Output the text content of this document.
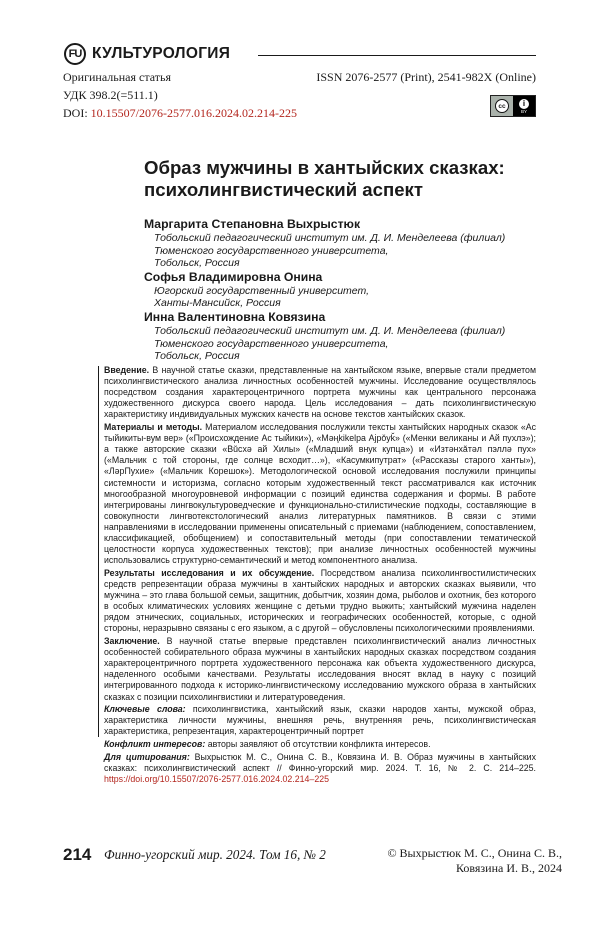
FU КУЛЬТУРОЛОГИЯ
Оригинальная статья
УДК 398.2(=511.1)
DOI: 10.15507/2076-2577.016.2024.02.214-225
ISSN 2076-2577 (Print), 2541-982X (Online)
cc	i
BY
Образ мужчины в хантыйских сказках:
психолингвистический аспект
Маргарита Степановна Выхрыстюк
Тобольский педагогический институт им. Д. И. Менделеева (филиал)
Тюменского государственного университета,
Тобольск, Россия
Софья Владимировна Онина
Югорский государственный университет,
Ханты-Мансийск, Россия
Инна Валентиновна Ковязина
Тобольский педагогический институт им. Д. И. Менделеева (филиал)
Тюменского государственного университета,
Тобольск, Россия

Введение. В научной статье сказки, представленные на хантыйском языке, впервые стали предметом психолингвистического анализа личностных особенностей мужчины. Исследование осуществлялось посредством создания характероцентричного портрета мужчины как центрального персонажа художественного дискурса своего народа. Цель исследования – дать психолингвистическую характеристику индивидуальных мужских качеств на основе текстов хантыйских сказок.

Материалы и методы. Материалом исследования послужили тексты хантыйских народных сказок «Ас тыйикиты-вум вер» («Происхождение Ас тыйики»), «Мәңkikelpa Ајрǒуǩ» («Менки великаны и Ай пухлэ»); а также авторские сказки «Вŭсхә ай Хилы» («Младший внук купца») и «Изтәнхăтәл пэллә пух» («Мальчик с той стороны, где солнце всходит…»), «Касумкипутрат» («Рассказы старого ханты»), «ЛәрПухие» («Мальчик Корешок»). Методологической основой исследования послужили принципы системности и историзма, согласно которым художественный текст рассматривался как источник многообразной многоуровневой информации с позиций единства содержания и формы. В работе интегрированы лингвокультуроведческие и функционально-стилистические подходы, составляющие в совокупности лингвотекстологический анализ литературных памятников. В связи с этими направлениями в исследовании применены описательный с приемами (наблюдением, сопоставлением, классификацией, обобщением) и сопоставительный методы (при сопоставлении тематической целостности корпуса художественных текстов); при анализе личностных особенностей мужчины использовались структурно-семантический и метод компонентного анализа.

Результаты исследования и их обсуждение. Посредством анализа психолингвостилистических средств репрезентации образа мужчины в хантыйских народных и авторских сказках выявили, что мужчина – это глава большой семьи, защитник, добытчик, хозяин дома, рыболов и охотник, без которого в особых климатических условиях женщине с детьми трудно выжить; хантыйский мужчина наделен рядом этнических, социальных, исторических и географических особенностей, которые, с одной стороны, неразрывно связаны с его языком, а с другой – обусловлены психологическими проявлениями.

Заключение. В научной статье впервые представлен психолингвистический анализ личностных особенностей собирательного образа мужчины в хантыйских народных сказках посредством создания характероцентричного портрета художественного персонажа как объекта художественного дискурса, наделенного особыми качествами. Результаты исследования вносят вклад в науку с позиций интегрированного подхода к историко-лингвистическому исследованию мужского образа в хантыйских сказках с позиции психолингвистики и литературоведения.

Ключевые слова: психолингвистика, хантыйский язык, сказки народов ханты, мужской образ, характеристика личности мужчины, внешняя речь, внутренняя речь, психолингвистическая характеристика, репрезентация, характероцентричный портрет

Конфликт интересов: авторы заявляют об отсутствии конфликта интересов.

Для цитирования: Выхрыстюк М. С., Онина С. В., Ковязина И. В. Образ мужчины в хантыйских сказках: психолингвистический аспект // Финно-угорский мир. 2024. Т. 16, № 2. С. 214–225. https://doi.org/10.15507/2076-2577.016.2024.02.214–225

214 Финно-угорский мир. 2024. Том 16, № 2	© Выхрыстюк М. С., Онина С. В.,
Ковязина И. В., 2024
